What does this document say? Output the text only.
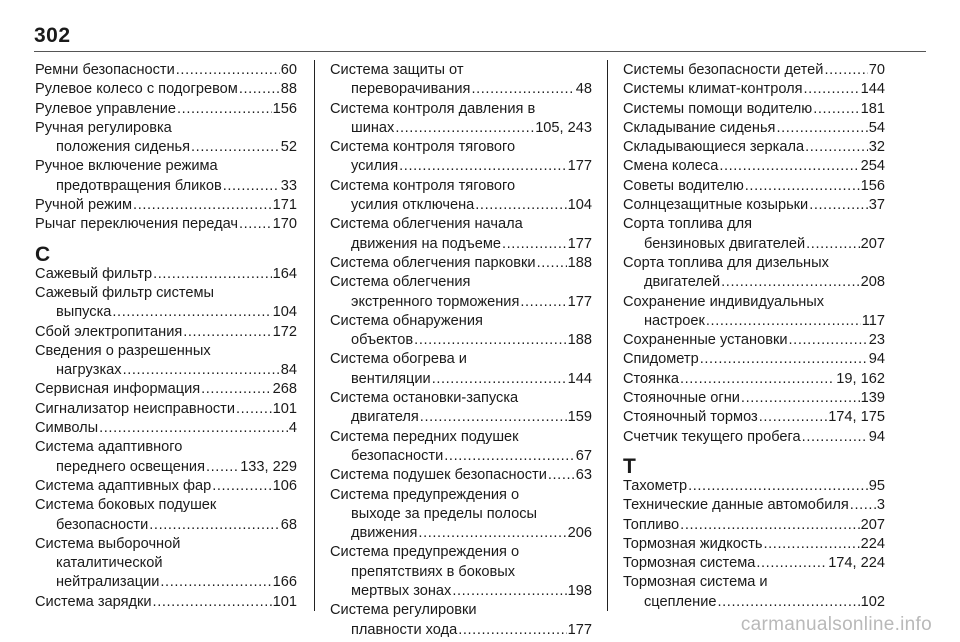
302
Ремни безопасности .....	60
Рулевое колесо с подогревом .....	88
Рулевое управление .....	156
Ручная регулировка
положения сиденья .....	52
Ручное включение режима
предотвращения бликов .....	33
Ручной режим .....	171
Рычаг переключения передач ..... 170
С
Сажевый фильтр .....	164
Сажевый фильтр системы
выпуска .....	104
Сбой электропитания .....	172
Сведения о разрешенных
нагрузках .....	84
Сервисная информация .....	268
Сигнализатор неисправности .....	101
Символы .....	4
Система адаптивного
переднего освещения ..... 133, 229
Система адаптивных фар .....	106
Система боковых подушек
безопасности .....	68
Система выборочной
каталитической
нейтрализации .....	166
Система зарядки .....	101
Система защиты от
переворачивания .....	48
Система контроля давления в
шинах .....	105, 243
Система контроля тягового
усилия .....	177
Система контроля тягового
усилия отключена .....	104
Система облегчения начала
движения на подъеме .....	177
Система облегчения парковки ..... 188
Система облегчения
экстренного торможения .....	177
Система обнаружения
объектов .....	188
Система обогрева и
вентиляции .....	144
Система остановки-запуска
двигателя .....	159
Система передних подушек
безопасности .....	67
Система подушек безопасности ..... 63
Система предупреждения о
выходе за пределы полосы
движения .....	206
Система предупреждения о
препятствиях в боковых
мертвых зонах .....	198
Система регулировки
плавности хода .....	177
Системы безопасности детей .....	70
Системы климат-контроля .....	144
Системы помощи водителю .....	181
Складывание сиденья .....	54
Складывающиеся зеркала .....	32
Смена колеса .....	254
Советы водителю .....	156
Солнцезащитные козырьки .....	37
Сорта топлива для
бензиновых двигателей .....	207
Сорта топлива для дизельных
двигателей .....	208
Сохранение индивидуальных
настроек .....	117
Сохраненные установки .....	23
Спидометр .....	94
Стоянка .....	19, 162
Стояночные огни .....	139
Стояночный тормоз .....	174, 175
Счетчик текущего пробега .....	94
Т
Тахометр .....	95
Технические данные автомобиля ..... 3
Топливо .....	207
Тормозная жидкость .....	224
Тормозная система .....	174, 224
Тормозная система и
сцепление .....	102
carmanualsonline.info
